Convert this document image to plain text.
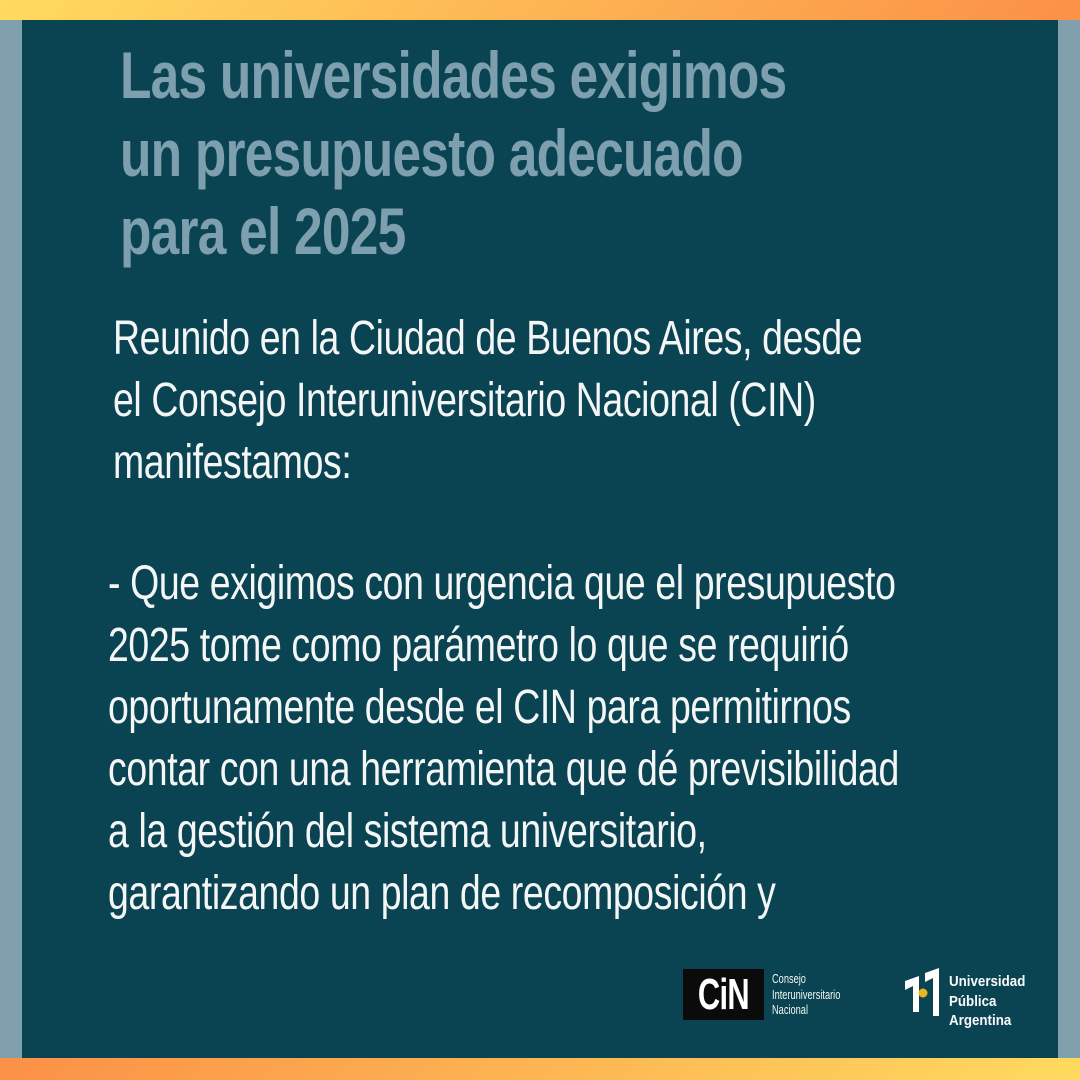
Las universidades exigimos
un presupuesto adecuado
para el 2025
Reunido en la Ciudad de Buenos Aires, desde
el Consejo Interuniversitario Nacional (CIN)
manifestamos:
- Que exigimos con urgencia que el presupuesto
2025 tome como parámetro lo que se requirió
oportunamente desde el CIN para permitirnos
contar con una herramienta que dé previsibilidad
a la gestión del sistema universitario,
garantizando un plan de recomposición y
CiN Consejo
Interuniversitario
Nacional
Universidad
Pública
Argentina
